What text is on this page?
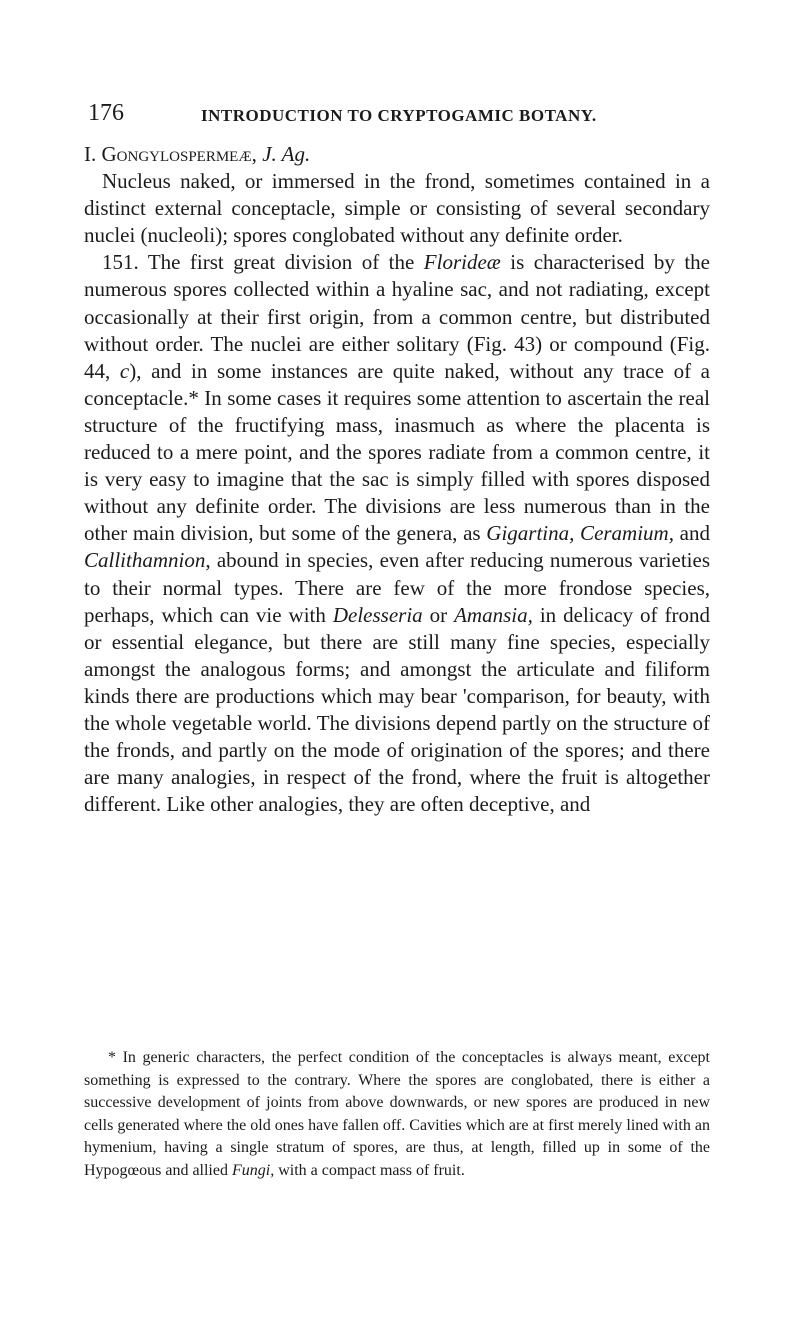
176	INTRODUCTION TO CRYPTOGAMIC BOTANY.

I. Gongylospermeæ, J. Ag.

Nucleus naked, or immersed in the frond, sometimes contained in a distinct external conceptacle, simple or consisting of several secondary nuclei (nucleoli); spores conglobated without any definite order.

151. The first great division of the Florideæ is characterised by the numerous spores collected within a hyaline sac, and not radiating, except occasionally at their first origin, from a common centre, but distributed without order. The nuclei are either solitary (Fig. 43) or compound (Fig. 44, c), and in some instances are quite naked, without any trace of a conceptacle.* In some cases it requires some attention to ascertain the real structure of the fructifying mass, inasmuch as where the placenta is reduced to a mere point, and the spores radiate from a common centre, it is very easy to imagine that the sac is simply filled with spores disposed without any definite order. The divisions are less numerous than in the other main division, but some of the genera, as Gigartina, Ceramium, and Callithamnion, abound in species, even after reducing numerous varieties to their normal types. There are few of the more frondose species, perhaps, which can vie with Delesseria or Amansia, in delicacy of frond or essential elegance, but there are still many fine species, especially amongst the analogous forms; and amongst the articulate and filiform kinds there are productions which may bear 'comparison, for beauty, with the whole vegetable world. The divisions depend partly on the structure of the fronds, and partly on the mode of origination of the spores; and there are many analogies, in respect of the frond, where the fruit is altogether different. Like other analogies, they are often deceptive, and

* In generic characters, the perfect condition of the conceptacles is always meant, except something is expressed to the contrary. Where the spores are conglobated, there is either a successive development of joints from above downwards, or new spores are produced in new cells generated where the old ones have fallen off. Cavities which are at first merely lined with an hymenium, having a single stratum of spores, are thus, at length, filled up in some of the Hypogœous and allied Fungi, with a compact mass of fruit.
